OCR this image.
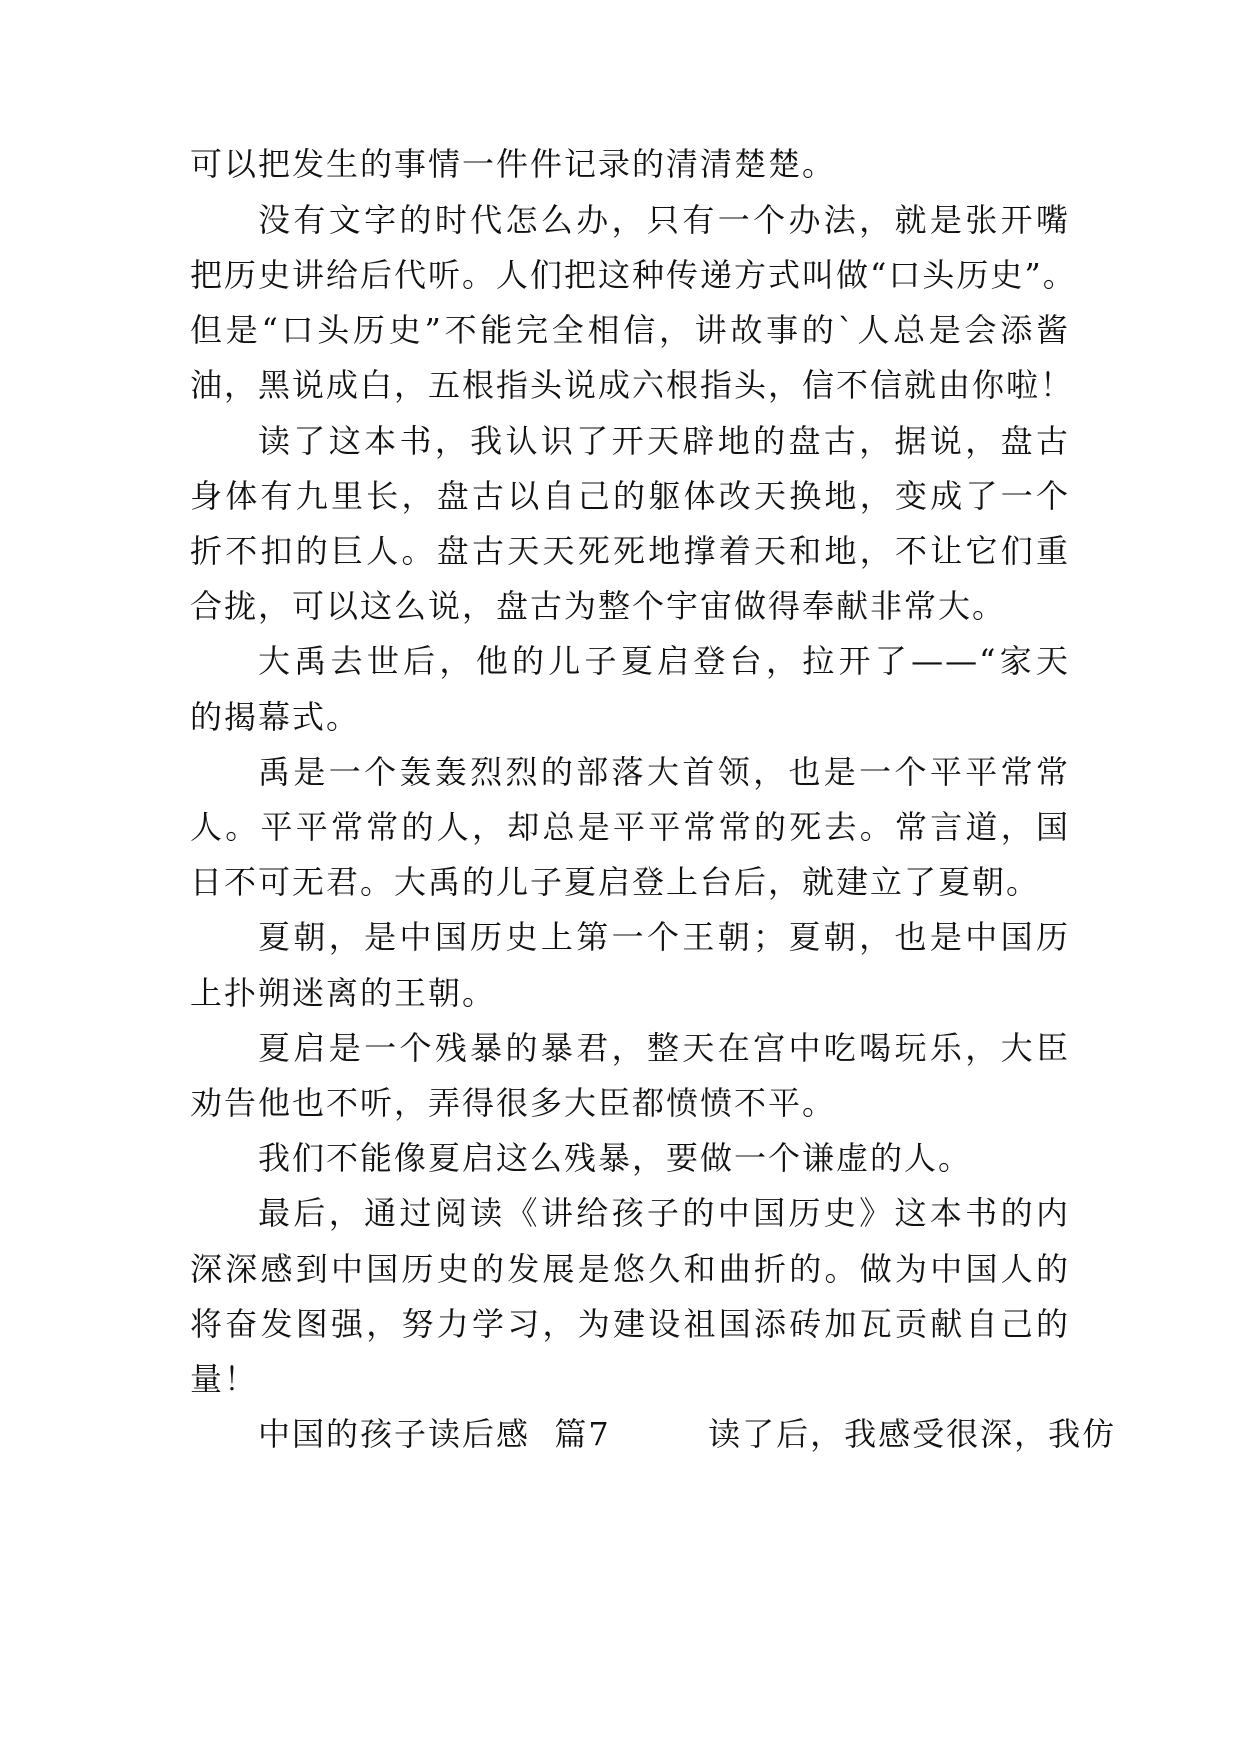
可以把发生的事情一件件记录的清清楚楚。
没有文字的时代怎么办，只有一个办法，就是张开嘴
把历史讲给后代听。人们把这种传递方式叫做“口头历史”。
但是“口头历史”不能完全相信，讲故事的`人总是会添酱
油，黑说成白，五根指头说成六根指头，信不信就由你啦！
读了这本书，我认识了开天辟地的盘古，据说，盘古
身体有九里长，盘古以自己的躯体改天换地，变成了一个
折不扣的巨人。盘古天天死死地撑着天和地，不让它们重
合拢，可以这么说，盘古为整个宇宙做得奉献非常大。
大禹去世后，他的儿子夏启登台，拉开了——“家天
的揭幕式。
禹是一个轰轰烈烈的部落大首领，也是一个平平常常
人。平平常常的人，却总是平平常常的死去。常言道，国
日不可无君。大禹的儿子夏启登上台后，就建立了夏朝。
夏朝，是中国历史上第一个王朝；夏朝，也是中国历
上扑朔迷离的王朝。
夏启是一个残暴的暴君，整天在宫中吃喝玩乐，大臣
劝告他也不听，弄得很多大臣都愤愤不平。
我们不能像夏启这么残暴，要做一个谦虚的人。
最后，通过阅读《讲给孩子的中国历史》这本书的内
深深感到中国历史的发展是悠久和曲折的。做为中国人的
将奋发图强，努力学习，为建设祖国添砖加瓦贡献自己的
量！
中国的孩子读后感  篇7        读了后，我感受很深，我仿
